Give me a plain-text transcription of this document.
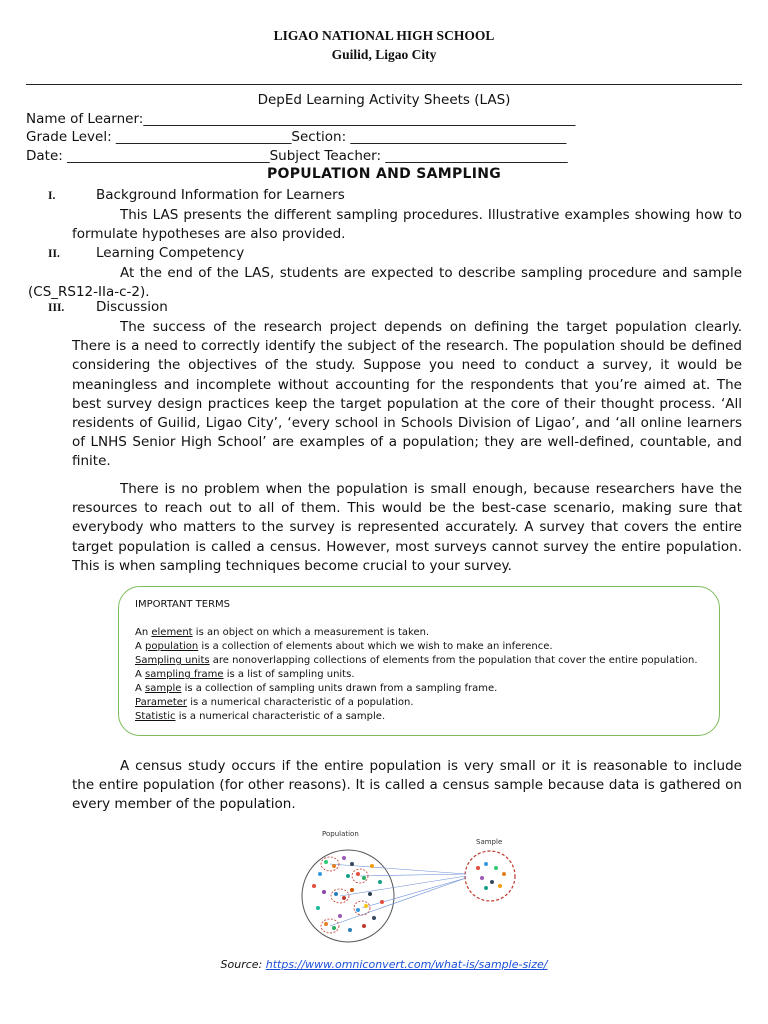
LIGAO NATIONAL HIGH SCHOOL
Guilid, Ligao City
DepEd Learning Activity Sheets (LAS)
Name of Learner:________________________________________________________________
Grade Level: __________________________Section: ________________________________
Date: ______________________________Subject Teacher: ___________________________
POPULATION AND SAMPLING
I.	Background Information for Learners

This LAS presents the different sampling procedures. Illustrative examples showing how to formulate hypotheses are also provided.

II.	Learning Competency

At the end of the LAS, students are expected to describe sampling procedure and sample (CS_RS12-IIa-c-2).

III. Discussion

The success of the research project depends on defining the target population clearly. There is a need to correctly identify the subject of the research. The population should be defined considering the objectives of the study. Suppose you need to conduct a survey, it would be meaningless and incomplete without accounting for the respondents that you’re aimed at. The best survey design practices keep the target population at the core of their thought process. ‘All residents of Guilid, Ligao City’, ‘every school in Schools Division of Ligao’, and ‘all online learners of LNHS Senior High School’ are examples of a population; they are well-defined, countable, and finite.

There is no problem when the population is small enough, because researchers have the resources to reach out to all of them. This would be the best-case scenario, making sure that everybody who matters to the survey is represented accurately. A survey that covers the entire target population is called a census. However, most surveys cannot survey the entire population. This is when sampling techniques become crucial to your survey.

IMPORTANT TERMS
An element is an object on which a measurement is taken.
A population is a collection of elements about which we wish to make an inference.
Sampling units are nonoverlapping collections of elements from the population that cover the entire population.
A sampling frame is a list of sampling units.
A sample is a collection of sampling units drawn from a sampling frame.
Parameter is a numerical characteristic of a population.
Statistic is a numerical characteristic of a sample.

A census study occurs if the entire population is very small or it is reasonable to include the entire population (for other reasons). It is called a census sample because data is gathered on every member of the population.

Population
Sample
Source: https://www.omniconvert.com/what-is/sample-size/
